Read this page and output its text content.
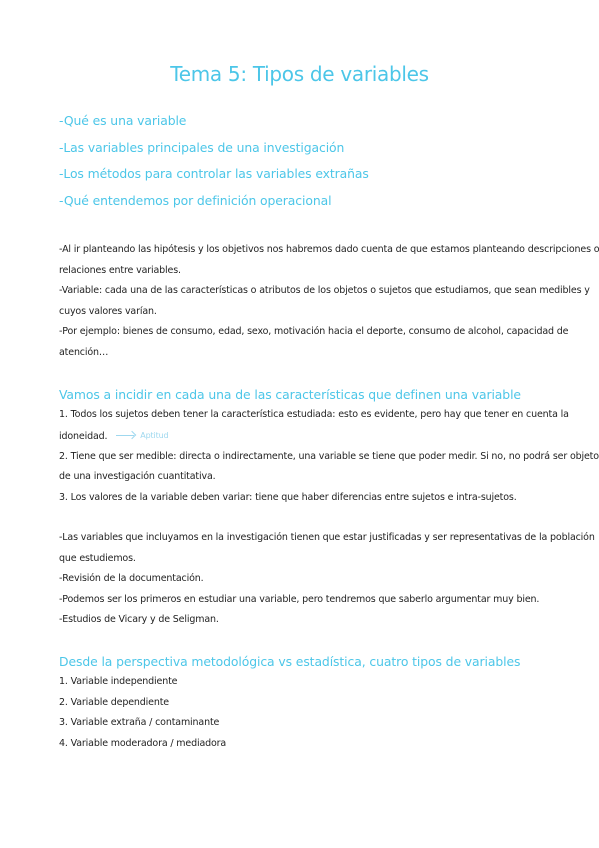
Tema 5: Tipos de variables
-Qué es una variable
-Las variables principales de una investigación
-Los métodos para controlar las variables extrañas
-Qué entendemos por definición operacional
-Al ir planteando las hipótesis y los objetivos nos habremos dado cuenta de que estamos planteando descripciones o
relaciones entre variables.
-Variable: cada una de las características o atributos de los objetos o sujetos que estudiamos, que sean medibles y
cuyos valores varían.
-Por ejemplo: bienes de consumo, edad, sexo, motivación hacia el deporte, consumo de alcohol, capacidad de
atención…
Vamos a incidir en cada una de las características que definen una variable
1. Todos los sujetos deben tener la característica estudiada: esto es evidente, pero hay que tener en cuenta la
idoneidad.	Aptitud
2. Tiene que ser medible: directa o indirectamente, una variable se tiene que poder medir. Si no, no podrá ser objeto
de una investigación cuantitativa.
3. Los valores de la variable deben variar: tiene que haber diferencias entre sujetos e intra-sujetos.
-Las variables que incluyamos en la investigación tienen que estar justificadas y ser representativas de la población
que estudiemos.
-Revisión de la documentación.
-Podemos ser los primeros en estudiar una variable, pero tendremos que saberlo argumentar muy bien.
-Estudios de Vicary y de Seligman.
Desde la perspectiva metodológica vs estadística, cuatro tipos de variables
1. Variable independiente
2. Variable dependiente
3. Variable extraña / contaminante
4. Variable moderadora / mediadora
